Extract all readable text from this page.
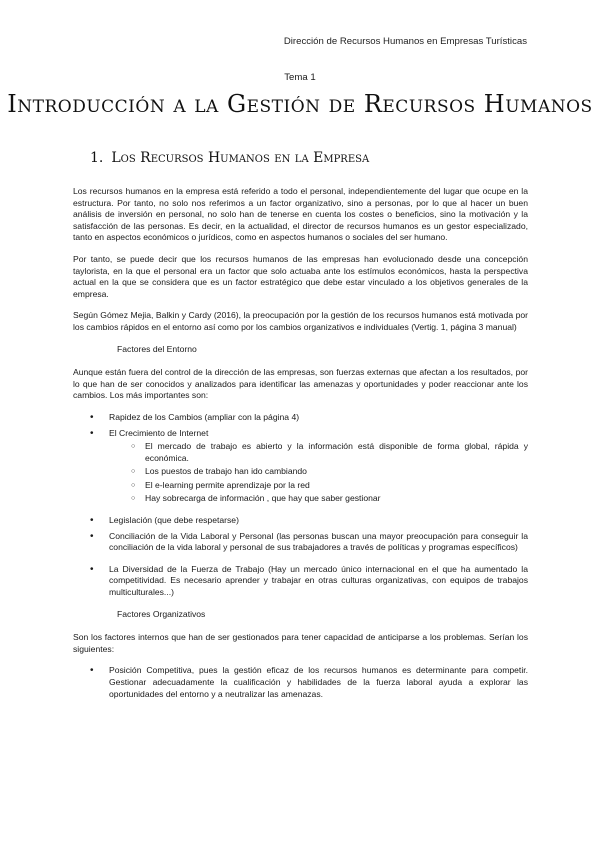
Dirección de Recursos Humanos en Empresas Turísticas
Tema 1
Introducción a la Gestión de Recursos Humanos
1. Los Recursos Humanos en la Empresa

Los recursos humanos en la empresa está referido a todo el personal, independientemente del lugar que ocupe en la estructura. Por tanto, no solo nos referimos a un factor organizativo, sino a personas, por lo que al hacer un buen análisis de inversión en personal, no solo han de tenerse en cuenta los costes o beneficios, sino la motivación y la satisfacción de las personas. Es decir, en la actualidad, el director de recursos humanos es un gestor especializado, tanto en aspectos económicos o jurídicos, como en aspectos humanos o sociales del ser humano.

Por tanto, se puede decir que los recursos humanos de las empresas han evolucionado desde una concepción taylorista, en la que el personal era un factor que solo actuaba ante los estímulos económicos, hasta la perspectiva actual en la que se considera que es un factor estratégico que debe estar vinculado a los objetivos generales de la empresa.

Según Gómez Mejia, Balkin y Cardy (2016), la preocupación por la gestión de los recursos humanos está motivada por los cambios rápidos en el entorno así como por los cambios organizativos e individuales (Vertig. 1, página 3 manual)

Factores del Entorno

Aunque están fuera del control de la dirección de las empresas, son fuerzas externas que afectan a los resultados, por lo que han de ser conocidos y analizados para identificar las amenazas y oportunidades y poder reaccionar ante los cambios. Los más importantes son:

• Rapidez de los Cambios (ampliar con la página 4)
• El Crecimiento de Internet
○ El mercado de trabajo es abierto y la información está disponible de forma global, rápida y económica.
○ Los puestos de trabajo han ido cambiando
○ El e-learning permite aprendizaje por la red
○ Hay sobrecarga de información , que hay que saber gestionar
• Legislación (que debe respetarse)
• Conciliación de la Vida Laboral y Personal (las personas buscan una mayor preocupación para conseguir la conciliación de la vida laboral y personal de sus trabajadores a través de políticas y programas específicos)
• La Diversidad de la Fuerza de Trabajo (Hay un mercado único internacional en el que ha aumentado la competitividad. Es necesario aprender y trabajar en otras culturas organizativas, con equipos de trabajos multiculturales...)

Factores Organizativos

Son los factores internos que han de ser gestionados para tener capacidad de anticiparse a los problemas. Serían los siguientes:

• Posición Competitiva, pues la gestión eficaz de los recursos humanos es determinante para competir. Gestionar adecuadamente la cualificación y habilidades de la fuerza laboral ayuda a explorar las oportunidades del entorno y a neutralizar las amenazas.
